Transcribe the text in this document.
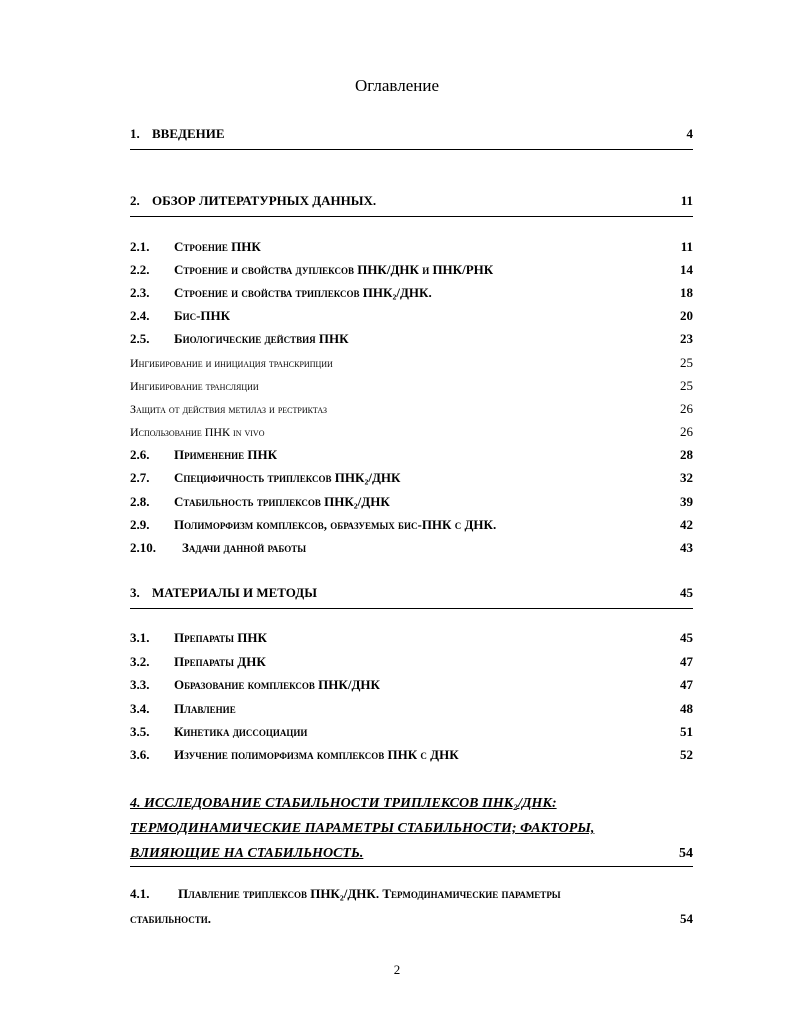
Оглавление
1. ВВЕДЕНИЕ	4
2. ОБЗОР ЛИТЕРАТУРНЫХ ДАННЫХ.	11
2.1.	Строение ПНК	11
2.2.	Строение и свойства дуплексов ПНК/ДНК и ПНК/РНК	14
2.3.	Строение и свойства триплексов ПНК₂/ДНК.	18
2.4.	Бис-ПНК	20
2.5.	Биологические действия ПНК	23
Ингибирование и инициация транскрипции	25
Ингибирование трансляции	25
Защита от действия метилаз и рестриктаз	26
Использование ПНК in vivo	26
2.6.	Применение ПНК	28
2.7.	Специфичность триплексов ПНК₂/ДНК	32
2.8.	Стабильность триплексов ПНК₂/ДНК	39
2.9.	Полиморфизм комплексов, образуемых бис-ПНК с ДНК.	42
2.10.	Задачи данной работы	43
3. МАТЕРИАЛЫ И МЕТОДЫ	45
3.1.	Препараты ПНК	45
3.2.	Препараты ДНК	47
3.3.	Образование комплексов ПНК/ДНК	47
3.4.	Плавление	48
3.5.	Кинетика диссоциации	51
3.6.	Изучение полиморфизма комплексов ПНК с ДНК	52
4. ИССЛЕДОВАНИЕ СТАБИЛЬНОСТИ ТРИПЛЕКСОВ ПНК₂/ДНК:
ТЕРМОДИНАМИЧЕСКИЕ ПАРАМЕТРЫ СТАБИЛЬНОСТИ; ФАКТОРЫ,
ВЛИЯЮЩИЕ НА СТАБИЛЬНОСТЬ.	54
4.1.	Плавление триплексов ПНК₂/ДНК. Термодинамические параметры
стабильности.	54
2
